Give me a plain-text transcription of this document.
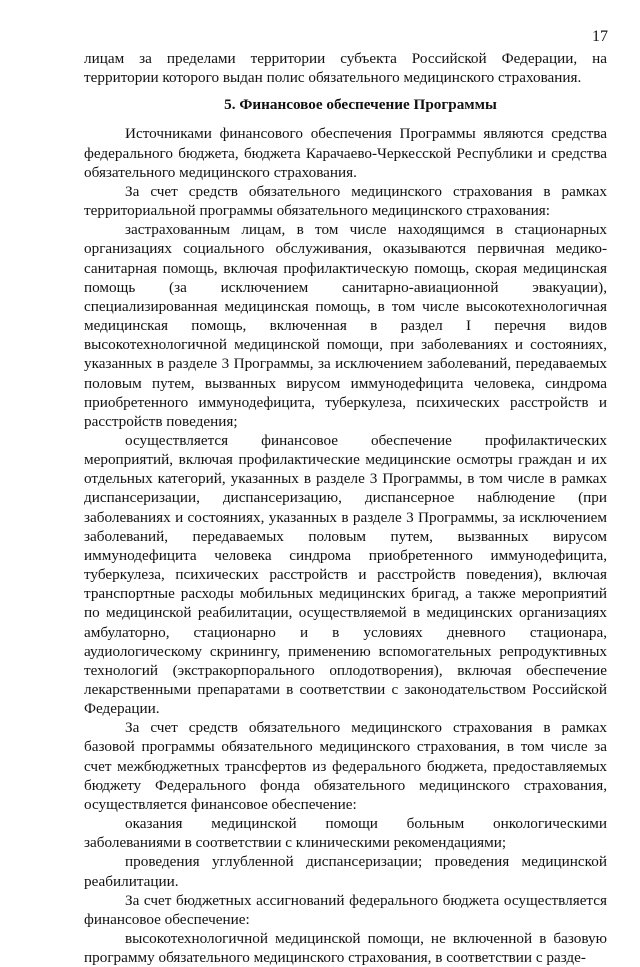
17

лицам за пределами территории субъекта Российской Федерации, на территории которого выдан полис обязательного медицинского страхования.

5. Финансовое обеспечение Программы

Источниками финансового обеспечения Программы являются средства федерального бюджета, бюджета Карачаево-Черкесской Республики и средства обязательного медицинского страхования.

За счет средств обязательного медицинского страхования в рамках территориальной программы обязательного медицинского страхования:

застрахованным лицам, в том числе находящимся в стационарных организациях социального обслуживания, оказываются первичная медико-санитарная помощь, включая профилактическую помощь, скорая медицинская помощь (за исключением санитарно-авиационной эвакуации), специализированная медицинская помощь, в том числе высокотехнологичная медицинская помощь, включенная в раздел I перечня видов высокотехнологичной медицинской помощи, при заболеваниях и состояниях, указанных в разделе 3 Программы, за исключением заболеваний, передаваемых половым путем, вызванных вирусом иммунодефицита человека, синдрома приобретенного иммунодефицита, туберкулеза, психических расстройств и расстройств поведения;

осуществляется финансовое обеспечение профилактических мероприятий, включая профилактические медицинские осмотры граждан и их отдельных категорий, указанных в разделе 3 Программы, в том числе в рамках диспансеризации, диспансеризацию, диспансерное наблюдение (при заболеваниях и состояниях, указанных в разделе 3 Программы, за исключением заболеваний, передаваемых половым путем, вызванных вирусом иммунодефицита человека синдрома приобретенного иммунодефицита, туберкулеза, психических расстройств и расстройств поведения), включая транспортные расходы мобильных медицинских бригад, а также мероприятий по медицинской реабилитации, осуществляемой в медицинских организациях амбулаторно, стационарно и в условиях дневного стационара, аудиологическому скринингу, применению вспомогательных репродуктивных технологий (экстракорпорального оплодотворения), включая обеспечение лекарственными препаратами в соответствии с законодательством Российской Федерации.

За счет средств обязательного медицинского страхования в рамках базовой программы обязательного медицинского страхования, в том числе за счет межбюджетных трансфертов из федерального бюджета, предоставляемых бюджету Федерального фонда обязательного медицинского страхования, осуществляется финансовое обеспечение:

оказания медицинской помощи больным онкологическими заболеваниями в соответствии с клиническими рекомендациями;

проведения углубленной диспансеризации; проведения медицинской реабилитации.

За счет бюджетных ассигнований федерального бюджета осуществляется финансовое обеспечение:

высокотехнологичной медицинской помощи, не включенной в базовую программу обязательного медицинского страхования, в соответствии с разде-
